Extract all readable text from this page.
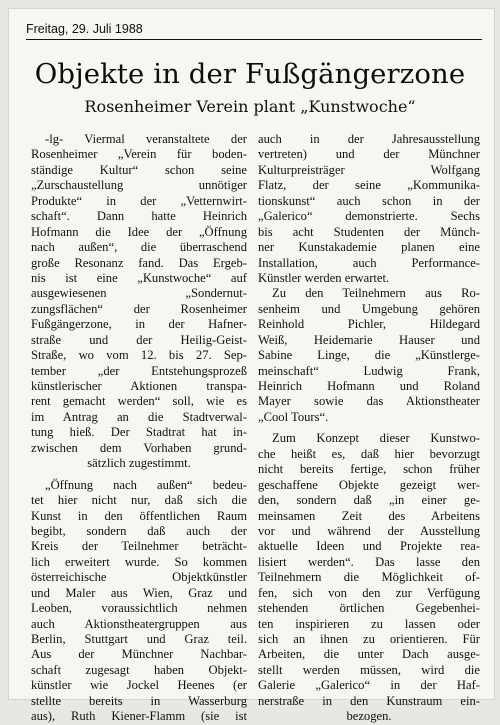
Freitag, 29. Juli 1988
Objekte in der Fußgängerzone
Rosenheimer Verein plant „Kunstwoche“
-lg- Viermal veranstaltete der
Rosenheimer „Verein für boden-
ständige Kultur“ schon seine
„Zurschaustellung unnötiger
Produkte“ in der „Vetternwirt-
schaft“. Dann hatte Heinrich
Hofmann die Idee der „Öffnung
nach außen“, die überraschend
große Resonanz fand. Das Ergeb-
nis ist eine „Kunstwoche“ auf
ausgewiesenen „Sondernut-
zungsflächen“ der Rosenheimer
Fußgängerzone, in der Hafner-
straße und der Heilig-Geist-
Straße, wo vom 12. bis 27. Sep-
tember „der Entstehungsprozeß
künstlerischer Aktionen transpa-
rent gemacht werden“ soll, wie es
im Antrag an die Stadtverwal-
tung hieß. Der Stadtrat hat in-
zwischen dem Vorhaben grund-
sätzlich zugestimmt.
„Öffnung nach außen“ bedeu-
tet hier nicht nur, daß sich die
Kunst in den öffentlichen Raum
begibt, sondern daß auch der
Kreis der Teilnehmer beträcht-
lich erweitert wurde. So kommen
österreichische Objektkünstler
und Maler aus Wien, Graz und
Leoben, voraussichtlich nehmen
auch Aktionstheatergruppen aus
Berlin, Stuttgart und Graz teil.
Aus der Münchner Nachbar-
schaft zugesagt haben Objekt-
künstler wie Jockel Heenes (er
stellte bereits in Wasserburg
aus), Ruth Kiener-Flamm (sie ist
auch in der Jahresausstellung
vertreten) und der Münchner
Kulturpreisträger Wolfgang
Flatz, der seine „Kommunika-
tionskunst“ auch schon in der
„Galerico“ demonstrierte. Sechs
bis acht Studenten der Münch-
ner Kunstakademie planen eine
Installation, auch Performance-
Künstler werden erwartet.
Zu den Teilnehmern aus Ro-
senheim und Umgebung gehören
Reinhold Pichler, Hildegard
Weiß, Heidemarie Hauser und
Sabine Linge, die „Künstlerge-
meinschaft“ Ludwig Frank,
Heinrich Hofmann und Roland
Mayer sowie das Aktionstheater
„Cool Tours“.
Zum Konzept dieser Kunstwo-
che heißt es, daß hier bevorzugt
nicht bereits fertige, schon früher
geschaffene Objekte gezeigt wer-
den, sondern daß „in einer ge-
meinsamen Zeit des Arbeitens
vor und während der Ausstellung
aktuelle Ideen und Projekte rea-
lisiert werden“. Das lasse den
Teilnehmern die Möglichkeit of-
fen, sich von den zur Verfügung
stehenden örtlichen Gegebenhei-
ten inspirieren zu lassen oder
sich an ihnen zu orientieren. Für
Arbeiten, die unter Dach ausge-
stellt werden müssen, wird die
Galerie „Galerico“ in der Haf-
nerstraße in den Kunstraum ein-
bezogen.
